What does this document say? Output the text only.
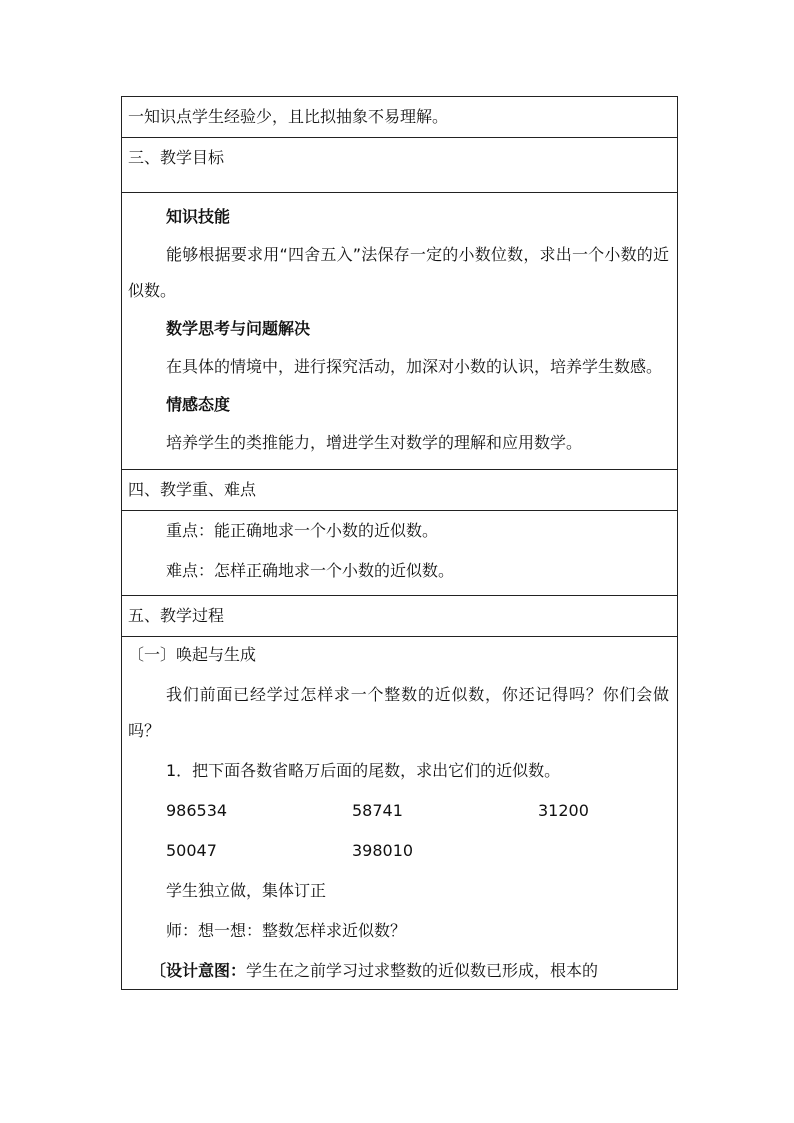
一知识点学生经验少，且比拟抽象不易理解。

三、教学目标

知识技能

能够根据要求用“四舍五入”法保存一定的小数位数，求出一个小数的近似数。

数学思考与问题解决

在具体的情境中，进行探究活动，加深对小数的认识，培养学生数感。

情感态度

培养学生的类推能力，增进学生对数学的理解和应用数学。

四、教学重、难点

重点：能正确地求一个小数的近似数。

难点：怎样正确地求一个小数的近似数。

五、教学过程

〔一〕唤起与生成

我们前面已经学过怎样求一个整数的近似数，你还记得吗？你们会做吗？

1．把下面各数省略万后面的尾数，求出它们的近似数。

986534	58741	31200
50047	398010

学生独立做，集体订正

师：想一想：整数怎样求近似数？

〔设计意图：学生在之前学习过求整数的近似数已形成，根本的
